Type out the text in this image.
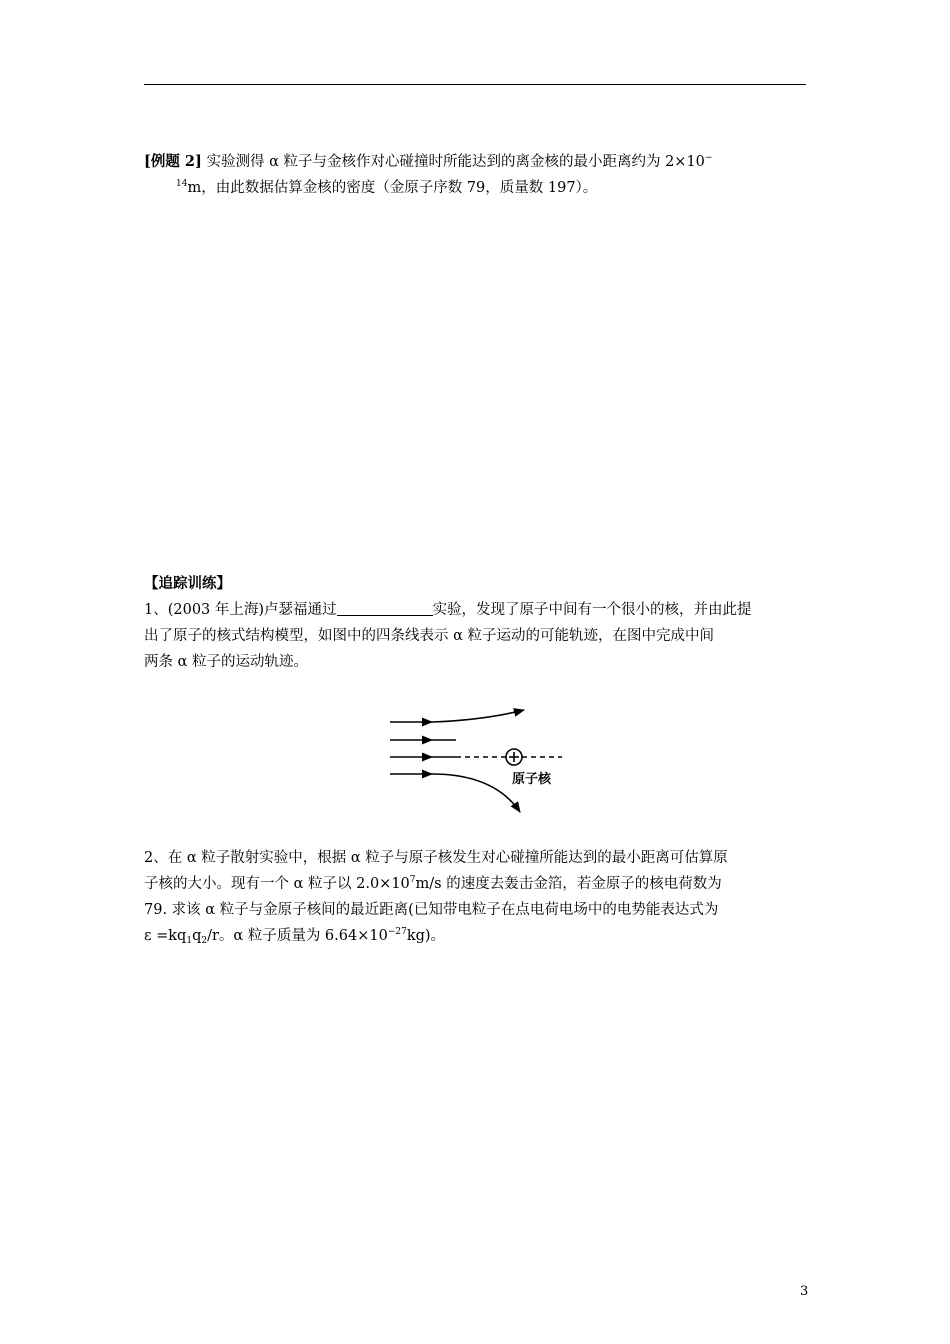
[例题 2] 实验测得 α 粒子与金核作对心碰撞时所能达到的离金核的最小距离约为 2×10−
$^{14}$m，由此数据估算金核的密度（金原子序数 79，质量数 197）。
【追踪训练】
1、(2003 年上海)卢瑟福通过	实验，发现了原子中间有一个很小的核，并由此提
出了原子的核式结构模型，如图中的四条线表示 α 粒子运动的可能轨迹，在图中完成中间
两条 α 粒子的运动轨迹。
原子核
2、在 α 粒子散射实验中，根据 α 粒子与原子核发生对心碰撞所能达到的最小距离可估算原
子核的大小。现有一个 α 粒子以 $2.0\times 10^7m/s$ 的速度去轰击金箔，若金原子的核电荷数为
79. 求该 α 粒子与金原子核间的最近距离(已知带电粒子在点电荷电场中的电势能表达式为
$\varepsilon =kq_1q_2/r$。α 粒子质量为 $6.64\times 10^{-27}kg$)。
3
